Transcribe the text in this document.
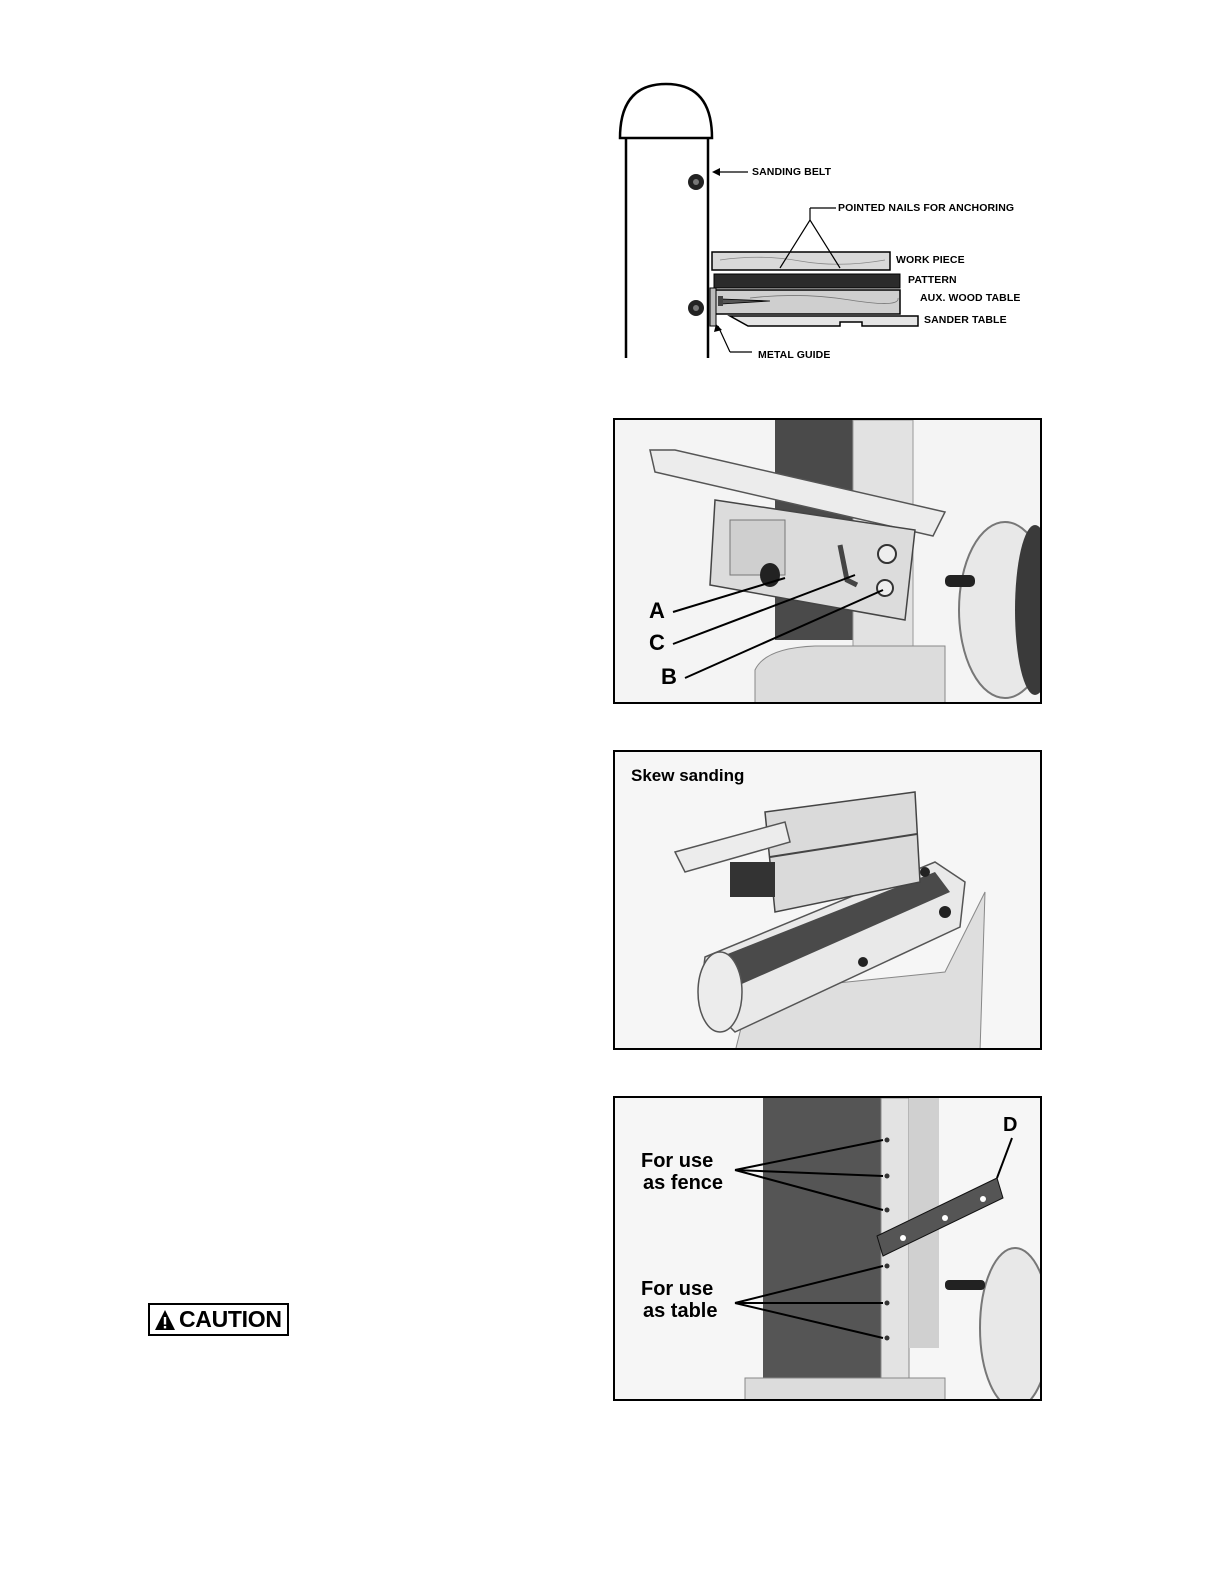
SANDING BELT
POINTED NAILS FOR ANCHORING
WORK PIECE
PATTERN
AUX. WOOD TABLE
SANDER TABLE
METAL GUIDE
A
C
B
Skew sanding
D
For use
as fence
For use
as table
CAUTION
